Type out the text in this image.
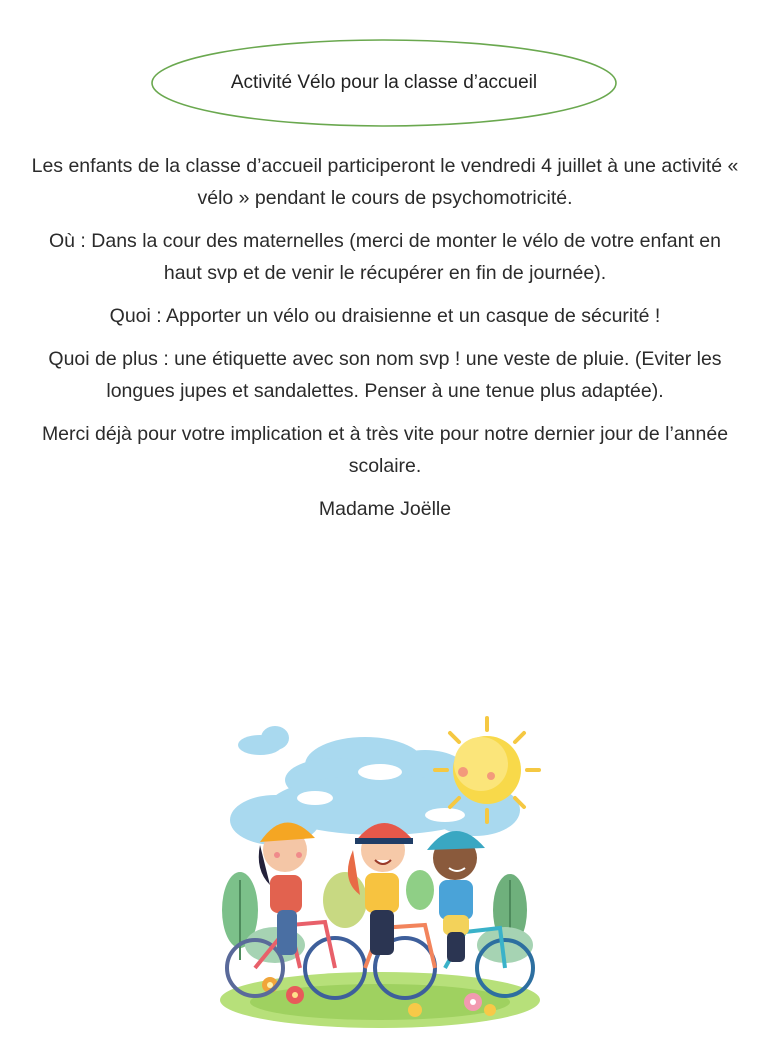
Activité Vélo pour la classe d’accueil

Les enfants de la classe d’accueil participeront le vendredi 4 juillet à une activité « vélo » pendant le cours de psychomotricité.

Où : Dans la cour des maternelles (merci de monter le vélo de votre enfant en haut svp et de venir le récupérer en fin de journée).

Quoi : Apporter un vélo ou draisienne et un casque de sécurité !

Quoi de plus : une étiquette avec son nom svp ! une veste de pluie. (Eviter les longues jupes et sandalettes. Penser à une tenue plus adaptée).

Merci déjà pour votre implication et à très vite pour notre dernier jour de l’année scolaire.

Madame Joëlle
